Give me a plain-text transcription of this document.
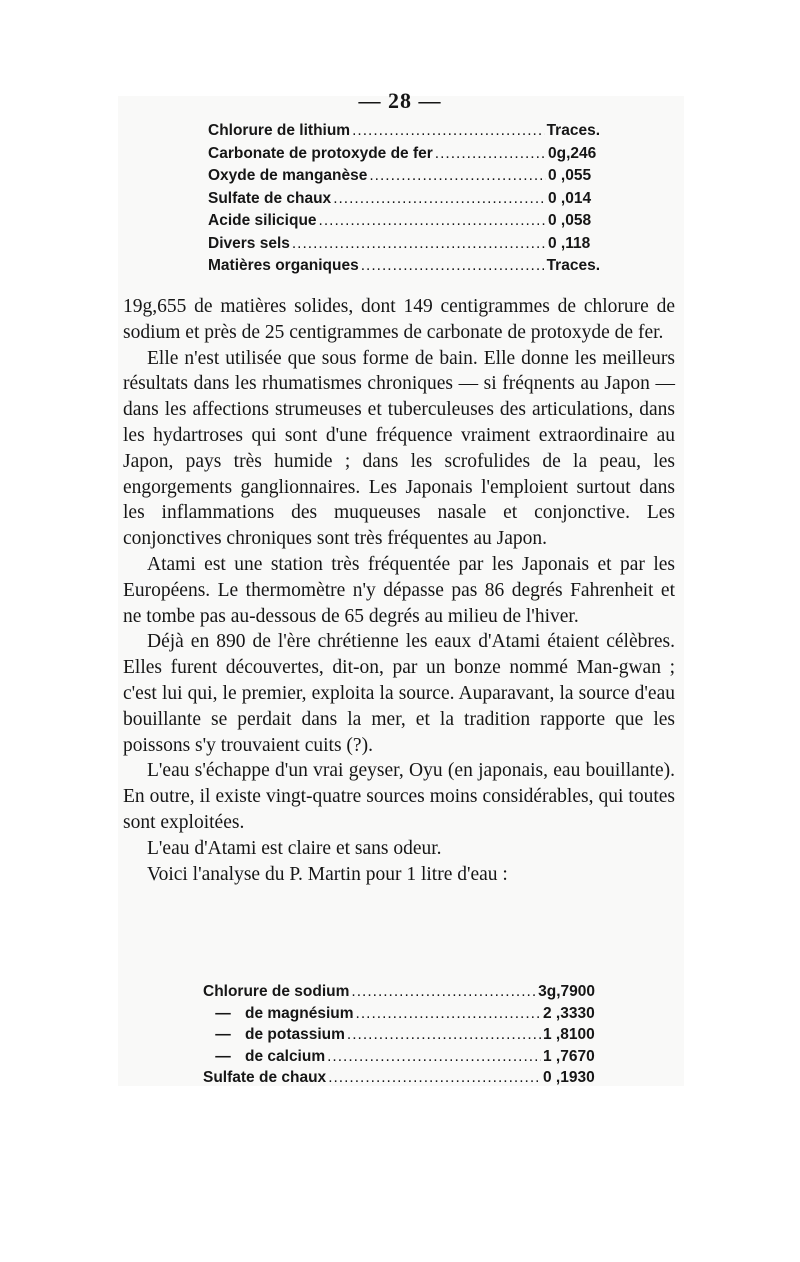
— 28 —
Chlorure de lithium .....	Traces.
Carbonate de protoxyde de fer .....	0g,246
Oxyde de manganèse .....	0 ,055
Sulfate de chaux .....	0 ,014
Acide silicique .....	0 ,058
Divers sels .....	0 ,118
Matières organiques .....	Traces.

19g,655 de matières solides, dont 149 centigrammes de chlorure de sodium et près de 25 centigrammes de carbonate de protoxyde de fer.

Elle n'est utilisée que sous forme de bain. Elle donne les meilleurs résultats dans les rhumatismes chroniques — si fréqnents au Japon — dans les affections strumeuses et tuberculeuses des articulations, dans les hydartroses qui sont d'une fréquence vraiment extraordinaire au Japon, pays très humide ; dans les scrofulides de la peau, les engorgements ganglionnaires. Les Japonais l'emploient surtout dans les inflammations des muqueuses nasale et conjonctive. Les conjonctives chroniques sont très fréquentes au Japon.

Atami est une station très fréquentée par les Japonais et par les Européens. Le thermomètre n'y dépasse pas 86 degrés Fahrenheit et ne tombe pas au-dessous de 65 degrés au milieu de l'hiver.

Déjà en 890 de l'ère chrétienne les eaux d'Atami étaient célèbres. Elles furent découvertes, dit-on, par un bonze nommé Man-gwan ; c'est lui qui, le premier, exploita la source. Auparavant, la source d'eau bouillante se perdait dans la mer, et la tradition rapporte que les poissons s'y trouvaient cuits (?).

L'eau s'échappe d'un vrai geyser, Oyu (en japonais, eau bouillante). En outre, il existe vingt-quatre sources moins considérables, qui toutes sont exploitées.

L'eau d'Atami est claire et sans odeur.

Voici l'analyse du P. Martin pour 1 litre d'eau :

Chlorure de sodium .....	3g,7900
— de magnésium .....	2 ,3330
— de potassium .....	1 ,8100
— de calcium .....	1 ,7670
Sulfate de chaux .....	0 ,1930
